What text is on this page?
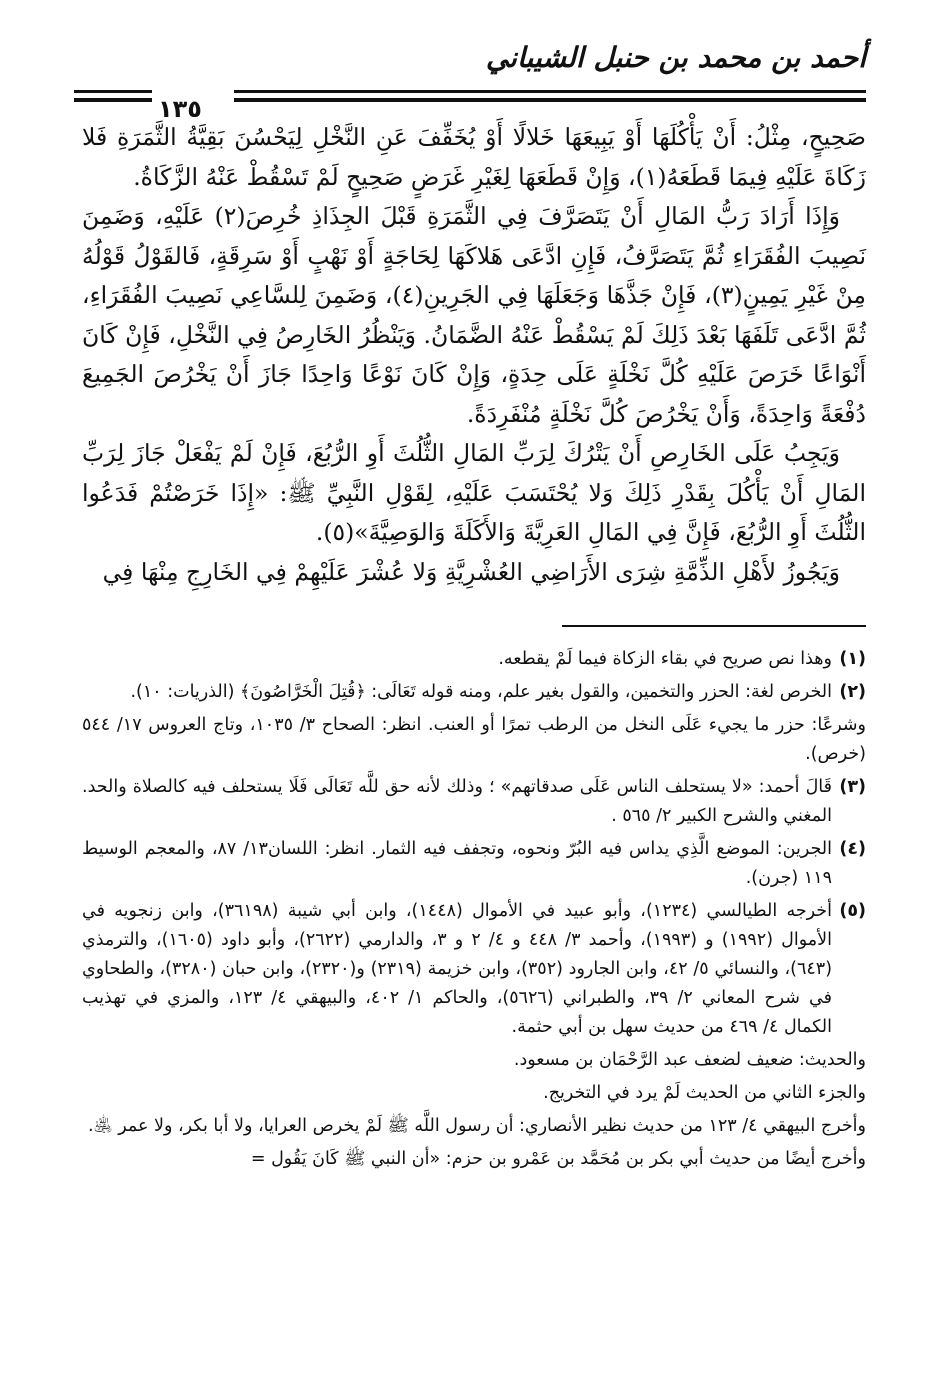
أحمد بن محمد بن حنبل الشيباني
١٣٥

صَحِيحٍ، مِثْلُ: أَنْ يَأْكُلَهَا أَوْ يَبِيعَهَا خَلالًا أَوْ يُخَفِّفَ عَنِ النَّخْلِ لِيَحْسُنَ بَقِيَّةُ الثَّمَرَةِ فَلا زَكَاةَ عَلَيْهِ فِيمَا قَطَعَهُ(١)، وَإِنْ قَطَعَهَا لِغَيْرِ غَرَضٍ صَحِيحٍ لَمْ تَسْقُطْ عَنْهُ الزَّكَاةُ.

وَإِذَا أَرَادَ رَبُّ المَالِ أَنْ يَتَصَرَّفَ فِي الثَّمَرَةِ قَبْلَ الجِذَاذِ خُرِصَ(٢) عَلَيْهِ، وَضَمِنَ نَصِيبَ الفُقَرَاءِ ثُمَّ يَتَصَرَّفُ، فَإِنِ ادَّعَى هَلاكَهَا لِحَاجَةٍ أَوْ نَهْبٍ أَوْ سَرِقَةٍ، فَالقَوْلُ قَوْلُهُ مِنْ غَيْرِ يَمِينٍ(٣)، فَإِنْ جَذَّهَا وَجَعَلَهَا فِي الجَرِينِ(٤)، وَضَمِنَ لِلسَّاعِي نَصِيبَ الفُقَرَاءِ، ثُمَّ ادَّعَى تَلَفَهَا بَعْدَ ذَلِكَ لَمْ يَسْقُطْ عَنْهُ الضَّمَانُ. وَيَنْظُرُ الخَارِصُ فِي النَّخْلِ، فَإِنْ كَانَ أَنْوَاعًا خَرَصَ عَلَيْهِ كُلَّ نَخْلَةٍ عَلَى حِدَةٍ، وَإِنْ كَانَ نَوْعًا وَاحِدًا جَازَ أَنْ يَخْرُصَ الجَمِيعَ دُفْعَةً وَاحِدَةً، وَأَنْ يَخْرُصَ كُلَّ نَخْلَةٍ مُنْفَرِدَةً.

وَيَجِبُ عَلَى الخَارِصِ أَنْ يَتْرُكَ لِرَبِّ المَالِ الثُّلُثَ أَوِ الرُّبُعَ، فَإِنْ لَمْ يَفْعَلْ جَازَ لِرَبِّ المَالِ أَنْ يَأْكُلَ بِقَدْرِ ذَلِكَ وَلا يُحْتَسَبَ عَلَيْهِ، لِقَوْلِ النَّبِيِّ ﷺ: «إِذَا خَرَصْتُمْ فَدَعُوا الثُّلُثَ أَوِ الرُّبُعَ، فَإِنَّ فِي المَالِ العَرِيَّةَ وَالأَكَلَةَ وَالوَصِيَّةَ»(٥).

وَيَجُوزُ لأَهْلِ الذِّمَّةِ شِرَى الأَرَاضِي العُشْرِيَّةِ وَلا عُشْرَ عَلَيْهِمْ فِي الخَارِجِ مِنْهَا فِي

(١)

وهذا نص صريح في بقاء الزكاة فيما لَمْ يقطعه.

(٢)

الخرص لغة: الحزر والتخمين، والقول بغير علم، ومنه قوله تَعَالَى: ﴿قُتِلَ الْخَرَّاصُونَ﴾ (الذريات: ١٠).

وشرعًا: حزر ما يجيء عَلَى النخل من الرطب تمرًا أو العنب. انظر: الصحاح ٣/ ١٠٣٥، وتاج العروس ١٧/ ٥٤٤ (خرص).

(٣)

قَالَ أحمد: «لا يستحلف الناس عَلَى صدقاتهم» ؛ وذلك لأنه حق للَّه تَعَالَى فَلَا يستحلف فيه كالصلاة والحد. المغني والشرح الكبير ٢/ ٥٦٥ .

(٤)

الجرين: الموضع الَّذِي يداس فيه البُرّ ونحوه، وتجفف فيه الثمار. انظر: اللسان١٣/ ٨٧، والمعجم الوسيط ١١٩ (جرن).

(٥)

أخرجه الطيالسي (١٢٣٤)، وأبو عبيد في الأموال (١٤٤٨)، وابن أبي شيبة (٣٦١٩٨)، وابن زنجويه في الأموال (١٩٩٢) و (١٩٩٣)، وأحمد ٣/ ٤٤٨ و ٤/ ٢ و ٣، والدارمي (٢٦٢٢)، وأبو داود (١٦٠٥)، والترمذي (٦٤٣)، والنسائي ٥/ ٤٢، وابن الجارود (٣٥٢)، وابن خزيمة (٢٣١٩) و(٢٣٢٠)، وابن حبان (٣٢٨٠)، والطحاوي في شرح المعاني ٢/ ٣٩، والطبراني (٥٦٢٦)، والحاكم ١/ ٤٠٢، والبيهقي ٤/ ١٢٣، والمزي في تهذيب الكمال ٤/ ٤٦٩ من حديث سهل بن أبي حثمة.

والحديث: ضعيف لضعف عبد الرَّحْمَان بن مسعود.

والجزء الثاني من الحديث لَمْ يرد في التخريج.

وأخرج البيهقي ٤/ ١٢٣ من حديث نظير الأنصاري: أن رسول اللَّه ﷺ لَمْ يخرص العرايا، ولا أبا بكر، ولا عمر ﵁.

وأخرج أيضًا من حديث أبي بكر بن مُحَمَّد بن عَمْرو بن حزم: «أن النبي ﷺ كَانَ يَقُول =
